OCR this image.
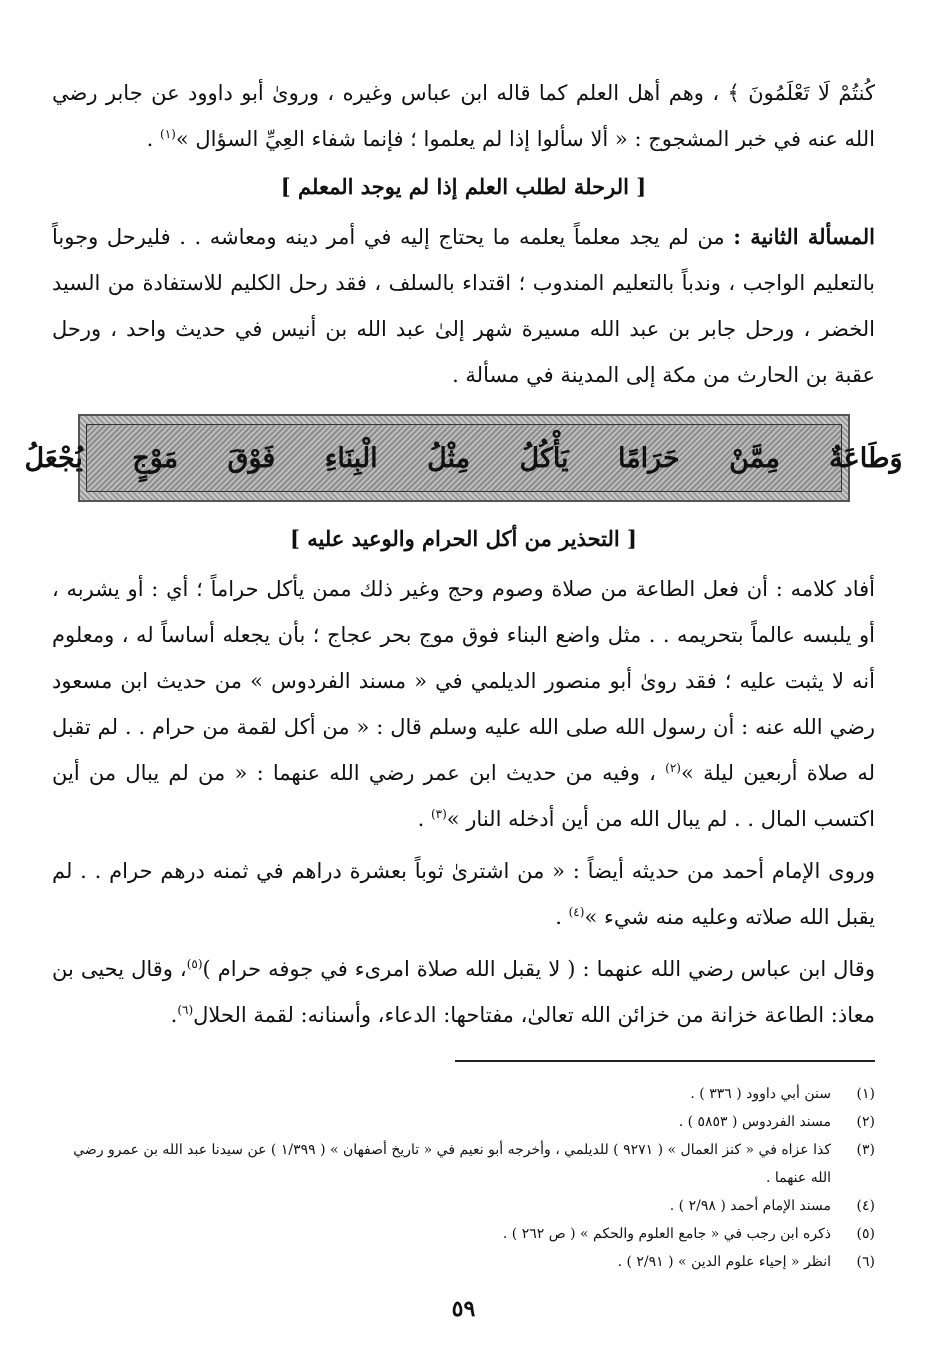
كُنتُمْ لَا تَعْلَمُونَ ﴾ ، وهم أهل العلم كما قاله ابن عباس وغيره ، وروىٰ أبو داوود عن جابر رضي الله عنه في خبر المشجوج : « ألا سألوا إذا لم يعلموا ؛ فإنما شفاء العِيِّ السؤال »$^{(١)}$ .

[ الرحلة لطلب العلم إذا لم يوجد المعلم ]

المسألة الثانية : من لم يجد معلماً يعلمه ما يحتاج إليه في أمر دينه ومعاشه . . فليرحل وجوباً بالتعليم الواجب ، وندباً بالتعليم المندوب ؛ اقتداء بالسلف ، فقد رحل الكليم للاستفادة من السيد الخضر ، ورحل جابر بن عبد الله مسيرة شهر إلىٰ عبد الله بن أنيس في حديث واحد ، ورحل عقبة بن الحارث من مكة إلى المدينة في مسألة .

وَطَاعَةٌ مِمَّنْ حَرَامًا يَأْكُلُ مِثْلُ الْبِنَاءِ فَوْقَ مَوْجٍ يُجْعَلُ
[ التحذير من أكل الحرام والوعيد عليه ]

أفاد كلامه : أن فعل الطاعة من صلاة وصوم وحج وغير ذلك ممن يأكل حراماً ؛ أي : أو يشربه ، أو يلبسه عالماً بتحريمه . . مثل واضع البناء فوق موج بحر عجاج ؛ بأن يجعله أساساً له ، ومعلوم أنه لا يثبت عليه ؛ فقد روىٰ أبو منصور الديلمي في « مسند الفردوس » من حديث ابن مسعود رضي الله عنه : أن رسول الله صلى الله عليه وسلم قال : « من أكل لقمة من حرام . . لم تقبل له صلاة أربعين ليلة »$^{(٢)}$ ، وفيه من حديث ابن عمر رضي الله عنهما : « من لم يبال من أين اكتسب المال . . لم يبال الله من أين أدخله النار »$^{(٣)}$ .

وروى الإمام أحمد من حديثه أيضاً : « من اشترىٰ ثوباً بعشرة دراهم في ثمنه درهم حرام . . لم يقبل الله صلاته وعليه منه شيء »$^{(٤)}$ .

وقال ابن عباس رضي الله عنهما : ( لا يقبل الله صلاة امرىء في جوفه حرام )$^{(٥)}$، وقال يحيى بن معاذ: الطاعة خزانة من خزائن الله تعالىٰ، مفتاحها: الدعاء، وأسنانه: لقمة الحلال$^{(٦)}$.

(١)
سنن أبي داوود ( ٣٣٦ ) .
(٢)
مسند الفردوس ( ٥٨٥٣ ) .
(٣)
كذا عزاه في « كنز العمال » ( ٩٢٧١ ) للديلمي ، وأخرجه أبو نعيم في « تاريخ أصفهان » ( ١/٣٩٩ ) عن سيدنا عبد الله بن عمرو رضي الله عنهما .
(٤)
مسند الإمام أحمد ( ٢/٩٨ ) .
(٥)
ذكره ابن رجب في « جامع العلوم والحكم » ( ص ٢٦٢ ) .
(٦)
انظر « إحياء علوم الدين » ( ٢/٩١ ) .
٥٩
